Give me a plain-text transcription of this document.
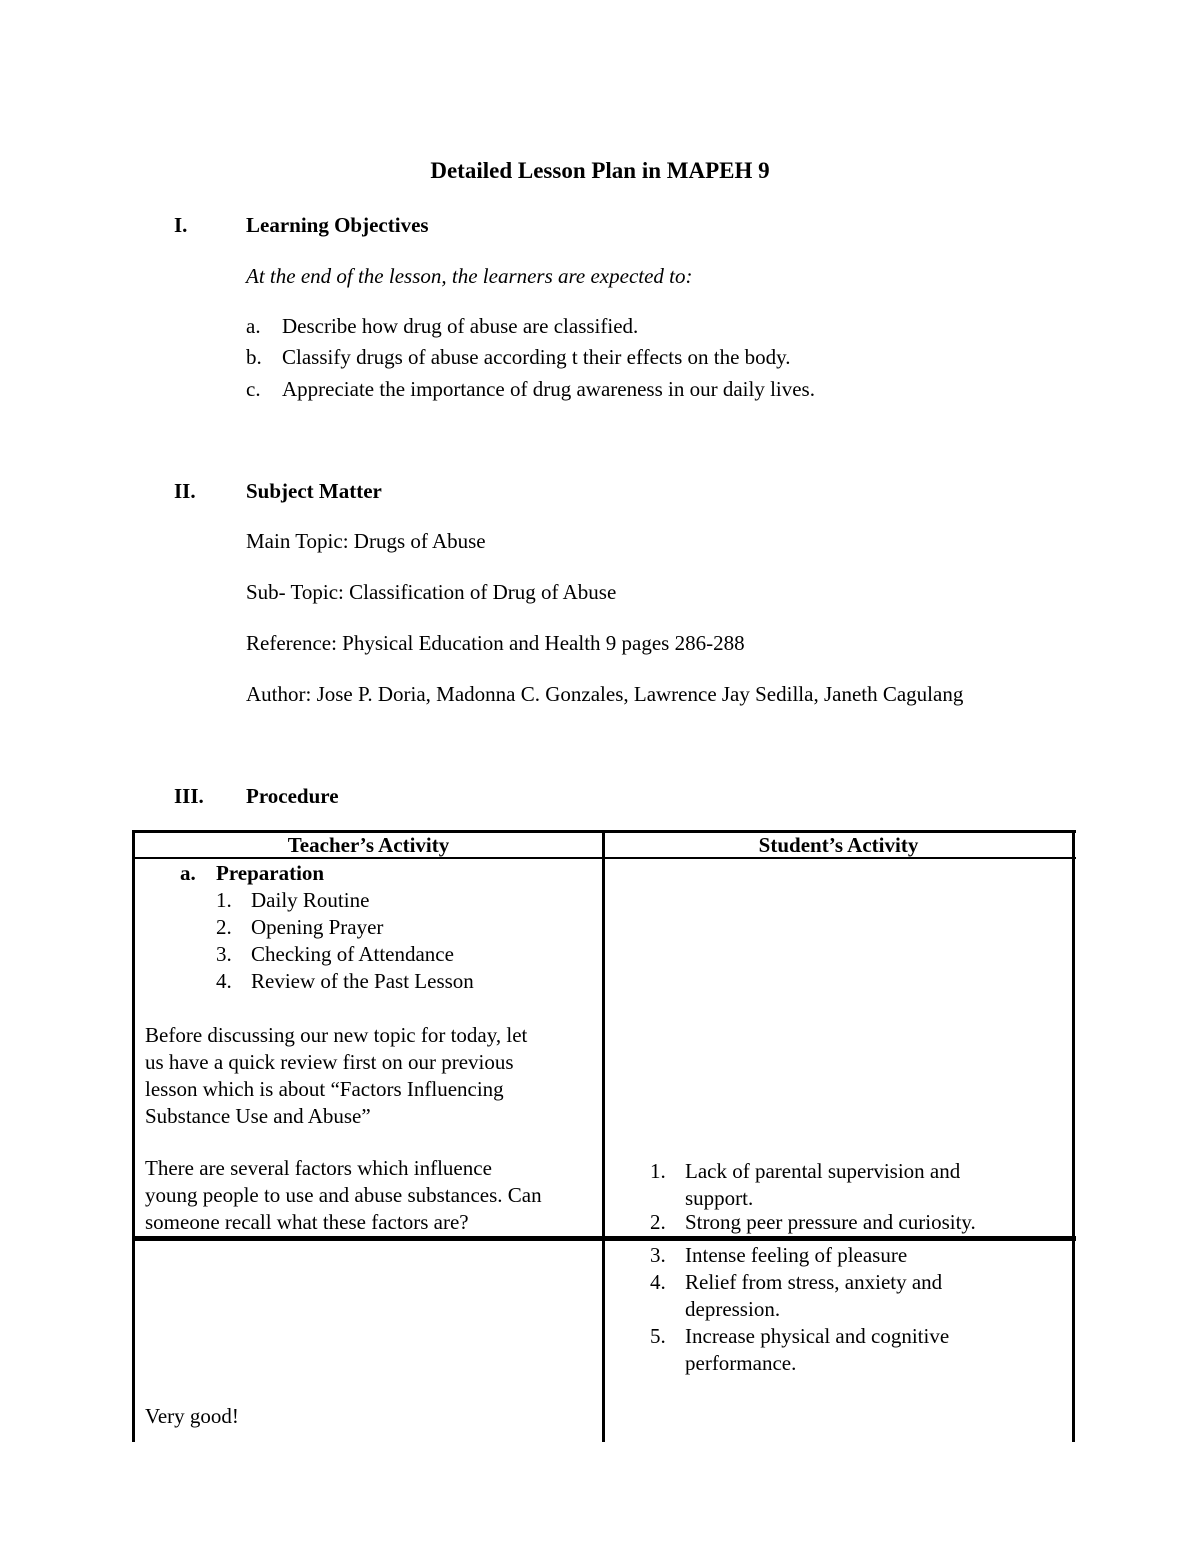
Detailed Lesson Plan in MAPEH 9
I.	Learning Objectives
At the end of the lesson, the learners are expected to:
a. Describe how drug of abuse are classified.
b. Classify drugs of abuse according t their effects on the body.
c. Appreciate the importance of drug awareness in our daily lives.
II. Subject Matter
Main Topic: Drugs of Abuse
Sub- Topic: Classification of Drug of Abuse
Reference: Physical Education and Health 9 pages 286-288
Author: Jose P. Doria, Madonna C. Gonzales, Lawrence Jay Sedilla, Janeth Cagulang
III. Procedure
Teacher’s Activity	Student’s Activity
a. Preparation
1. Daily Routine
2. Opening Prayer
3. Checking of Attendance
4. Review of the Past Lesson
Before discussing our new topic for today, let
us have a quick review first on our previous
lesson which is about “Factors Influencing
Substance Use and Abuse”
There are several factors which influence
young people to use and abuse substances. Can
someone recall what these factors are?
1. Lack of parental supervision and
support.
2. Strong peer pressure and curiosity.
3. Intense feeling of pleasure
4. Relief from stress, anxiety and
depression.
5. Increase physical and cognitive
performance.
Very good!
